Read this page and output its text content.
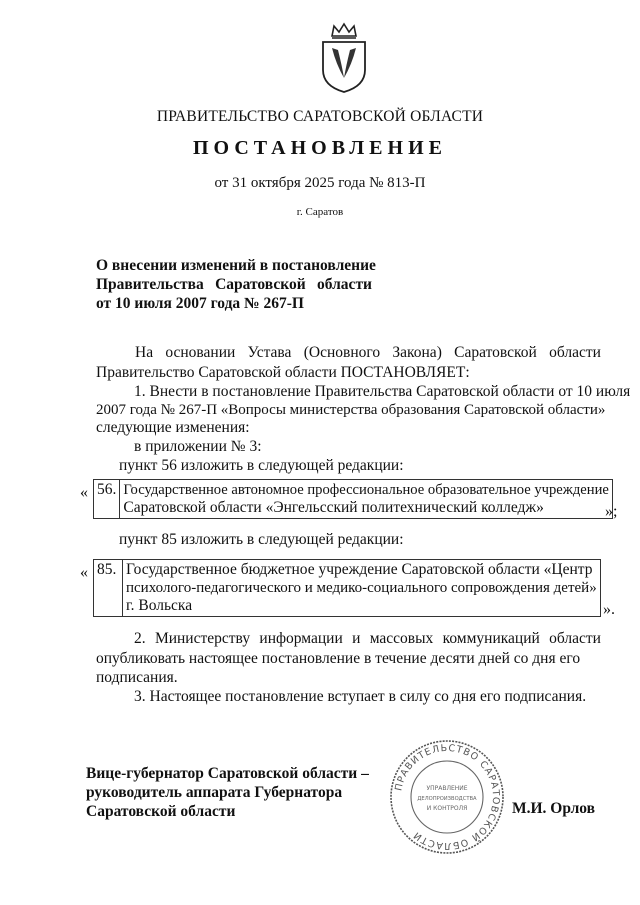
ПРАВИТЕЛЬСТВО САРАТОВСКОЙ ОБЛАСТИ
ПОСТАНОВЛЕНИЕ
от 31 октября 2025 года № 813-П
г. Саратов
О внесении изменений в постановление
Правительства Саратовской области
от 10 июля 2007 года № 267-П
На основании Устава (Основного Закона) Саратовской области
Правительство Саратовской области ПОСТАНОВЛЯЕТ:
1. Внести в постановление Правительства Саратовской области от 10 июля
2007 года № 267-П «Вопросы министерства образования Саратовской области»
следующие изменения:
в приложении № 3:
пункт 56 изложить в следующей редакции:
« 56.	Государственное автономное профессиональное образовательное учреждение
Саратовской области «Энгельсский политехнический колледж»	»;
пункт 85 изложить в следующей редакции:
« 85.	Государственное бюджетное учреждение Саратовской области «Центр
психолого-педагогического и медико-социального сопровождения детей»
г. Вольска	».
2. Министерству информации и массовых коммуникаций области
опубликовать настоящее постановление в течение десяти дней со дня его
подписания.
3. Настоящее постановление вступает в силу со дня его подписания.
Вице-губернатор Саратовской области –
руководитель аппарата Губернатора
Саратовской области	М.И. Орлов
ПРАВИТЕЛЬСТВО САРАТОВСКОЙ ОБЛАСТИ
УПРАВЛЕНИЕ
ДЕЛОПРОИЗВОДСТВА
И КОНТРОЛЯ
